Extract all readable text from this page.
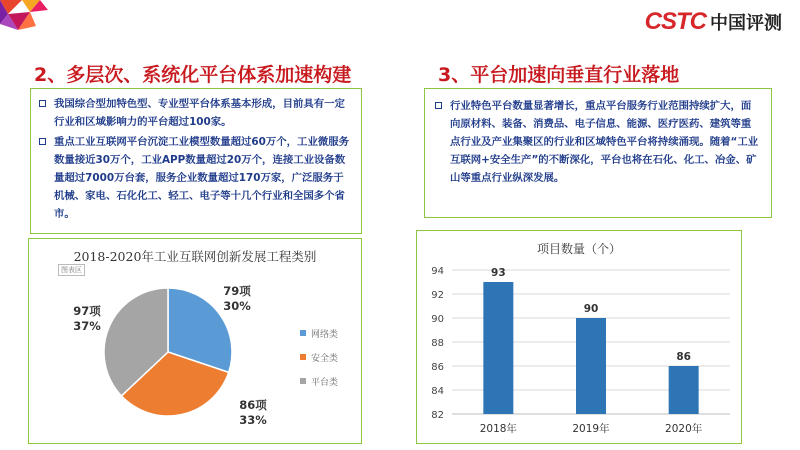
CSTC 中国评测
2、多层次、系统化平台体系加速构建
我国综合型加特色型、专业型平台体系基本形成，目前具有一定行业和区域影响力的平台超过100家。
重点工业互联网平台沉淀工业模型数量超过60万个，工业微服务数量接近30万个，工业APP数量超过20万个，连接工业设备数量超过7000万台套，服务企业数量超过170万家，广泛服务于机械、家电、石化化工、轻工、电子等十几个行业和全国多个省市。
2018-2020年工业互联网创新发展工程类别
图表区
79项
30%
86项
33%
97项
37%
网络类
安全类
平台类
3、平台加速向垂直行业落地
行业特色平台数量显著增长，重点平台服务行业范围持续扩大，面向原材料、装备、消费品、电子信息、能源、医疗医药、建筑等重点行业及产业集聚区的行业和区域特色平台将持续涌现。随着“工业互联网+安全生产”的不断深化，平台也将在石化、化工、冶金、矿山等重点行业纵深发展。
项目数量（个）
82
84
86
88
90
92
94	93
2018年
90
2019年
86
2020年
